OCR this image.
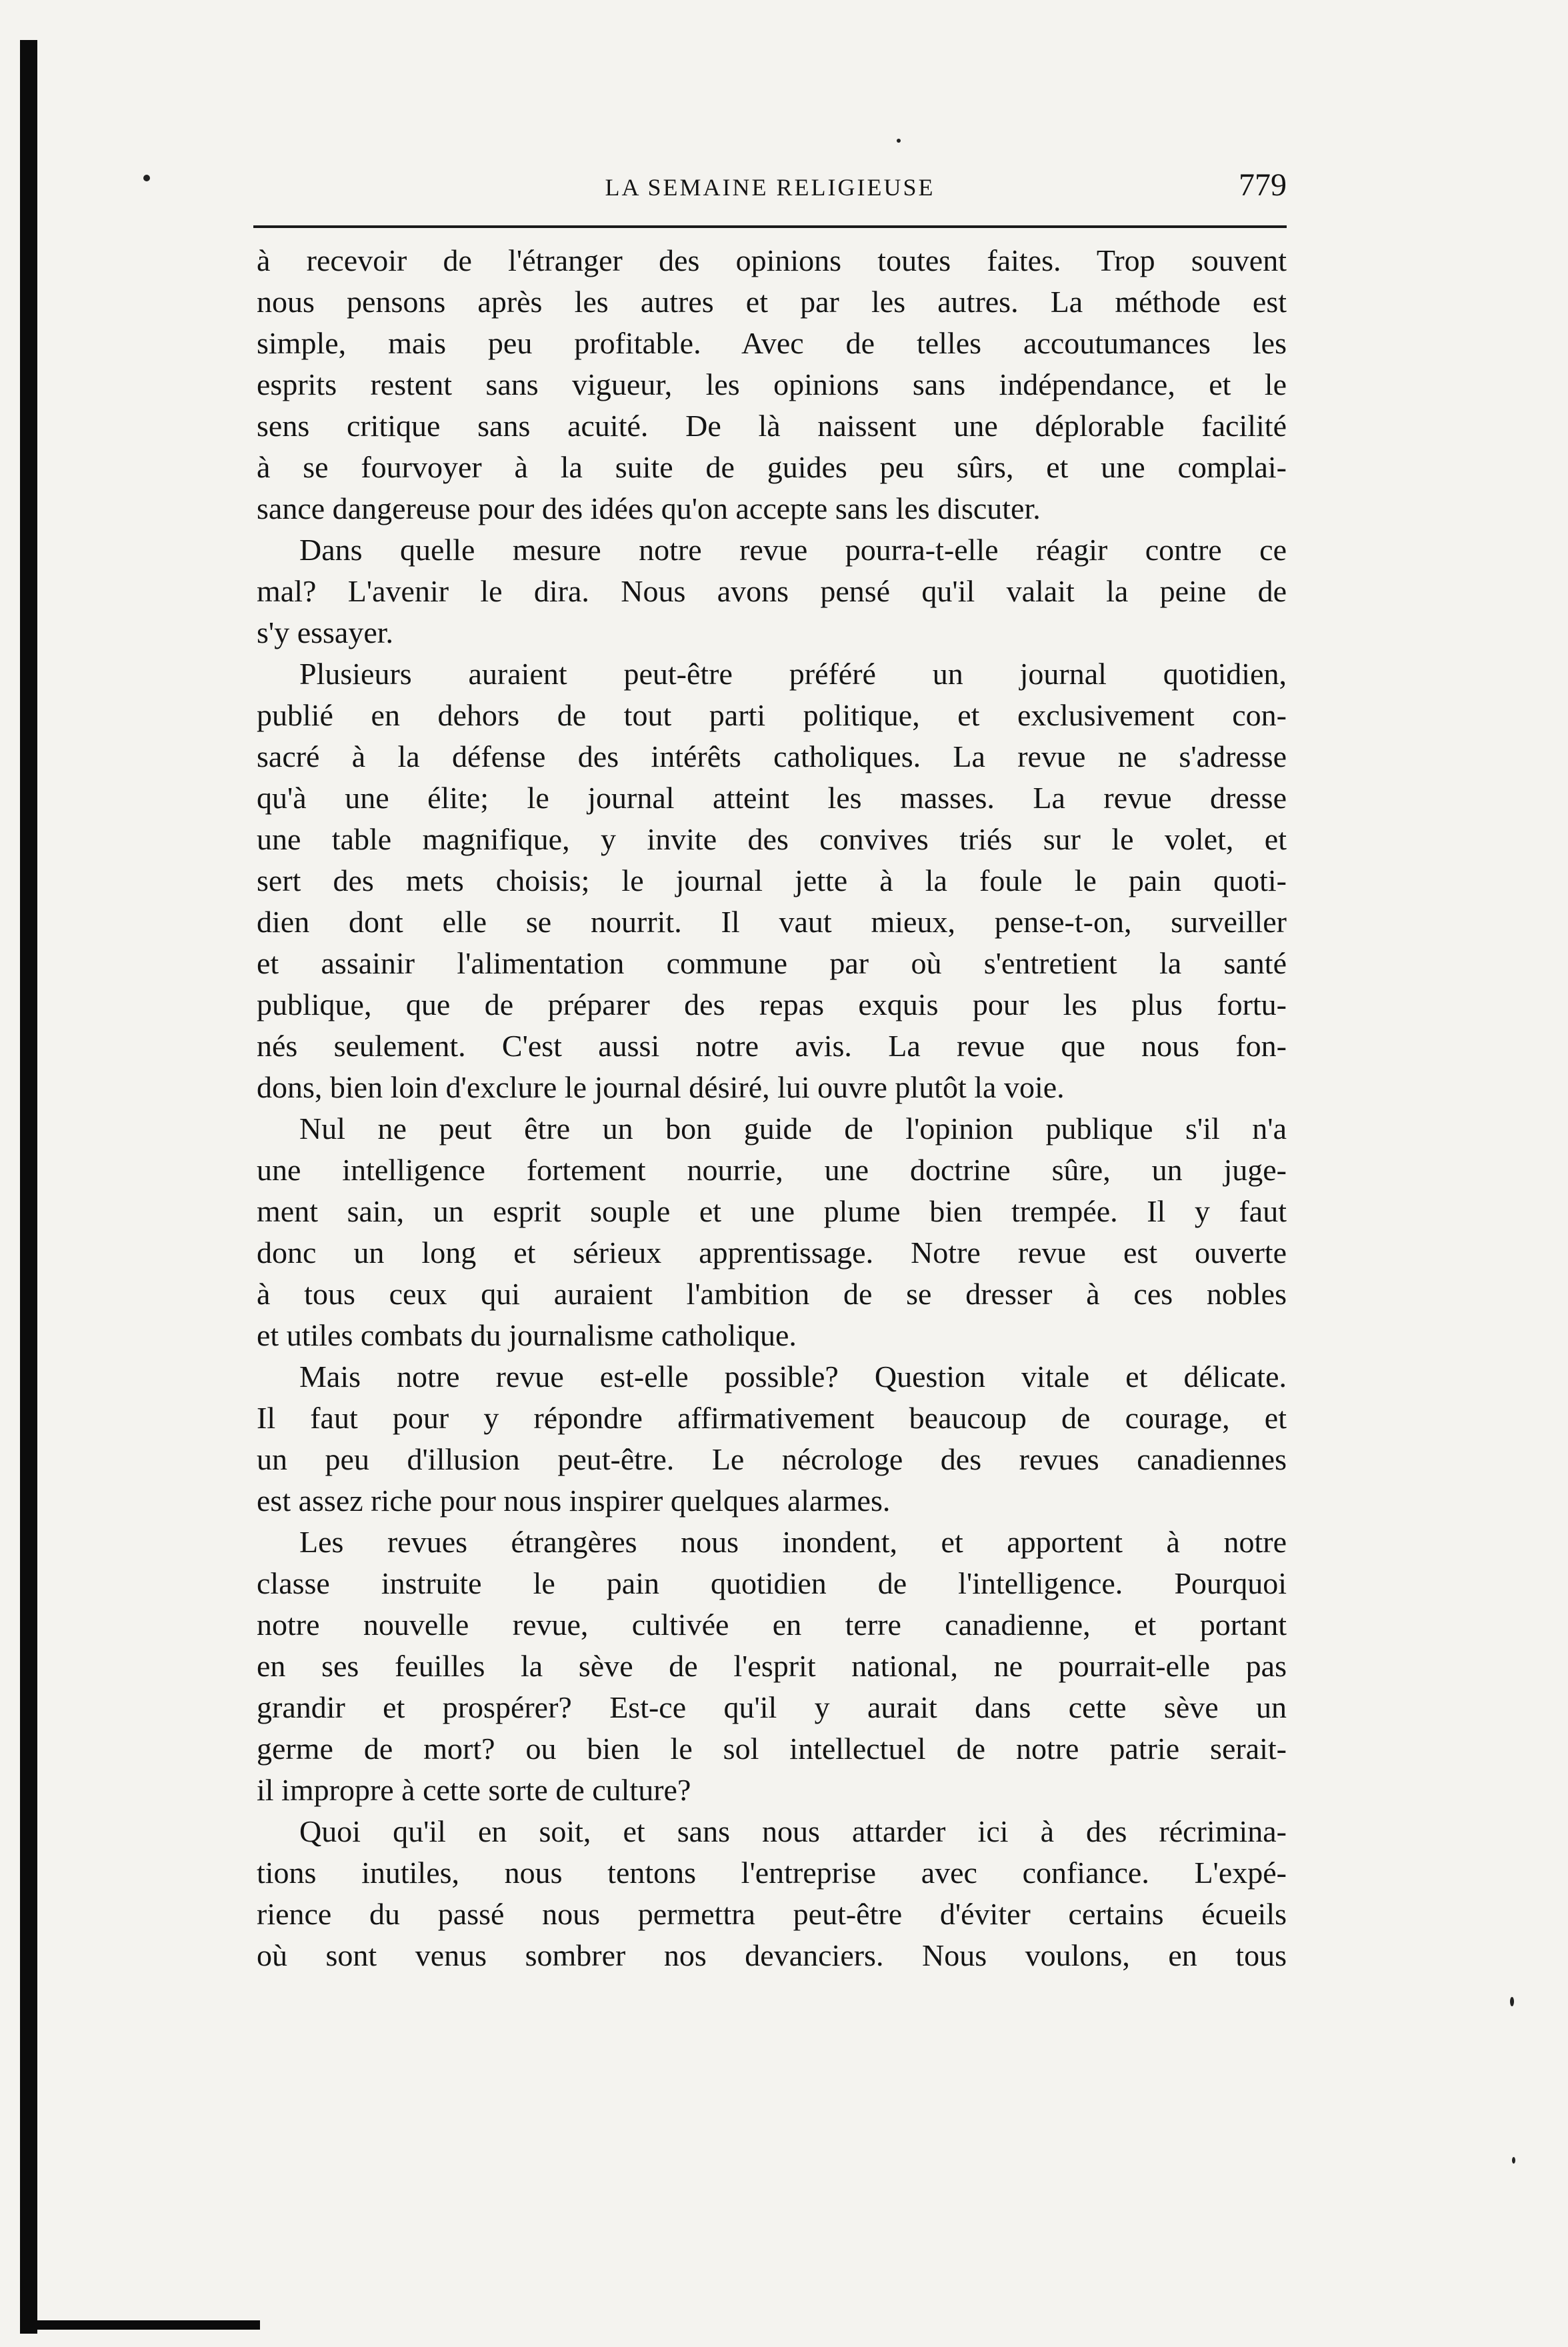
LA SEMAINE RELIGIEUSE	779
à recevoir de l'étranger des opinions toutes faites. Trop souvent
nous pensons après les autres et par les autres. La méthode est
simple, mais peu profitable. Avec de telles accoutumances les
esprits restent sans vigueur, les opinions sans indépendance, et le
sens critique sans acuité. De là naissent une déplorable facilité
à se fourvoyer à la suite de guides peu sûrs, et une complai-
sance dangereuse pour des idées qu'on accepte sans les discuter.
Dans quelle mesure notre revue pourra-t-elle réagir contre ce
mal? L'avenir le dira. Nous avons pensé qu'il valait la peine de
s'y essayer.
Plusieurs auraient peut-être préféré un journal quotidien,
publié en dehors de tout parti politique, et exclusivement con-
sacré à la défense des intérêts catholiques. La revue ne s'adresse
qu'à une élite; le journal atteint les masses. La revue dresse
une table magnifique, y invite des convives triés sur le volet, et
sert des mets choisis; le journal jette à la foule le pain quoti-
dien dont elle se nourrit. Il vaut mieux, pense-t-on, surveiller
et assainir l'alimentation commune par où s'entretient la santé
publique, que de préparer des repas exquis pour les plus fortu-
nés seulement. C'est aussi notre avis. La revue que nous fon-
dons, bien loin d'exclure le journal désiré, lui ouvre plutôt la voie.
Nul ne peut être un bon guide de l'opinion publique s'il n'a
une intelligence fortement nourrie, une doctrine sûre, un juge-
ment sain, un esprit souple et une plume bien trempée. Il y faut
donc un long et sérieux apprentissage. Notre revue est ouverte
à tous ceux qui auraient l'ambition de se dresser à ces nobles
et utiles combats du journalisme catholique.
Mais notre revue est-elle possible? Question vitale et délicate.
Il faut pour y répondre affirmativement beaucoup de courage, et
un peu d'illusion peut-être. Le nécrologe des revues canadiennes
est assez riche pour nous inspirer quelques alarmes.
Les revues étrangères nous inondent, et apportent à notre
classe instruite le pain quotidien de l'intelligence. Pourquoi
notre nouvelle revue, cultivée en terre canadienne, et portant
en ses feuilles la sève de l'esprit national, ne pourrait-elle pas
grandir et prospérer? Est-ce qu'il y aurait dans cette sève un
germe de mort? ou bien le sol intellectuel de notre patrie serait-
il impropre à cette sorte de culture?
Quoi qu'il en soit, et sans nous attarder ici à des récrimina-
tions inutiles, nous tentons l'entreprise avec confiance. L'expé-
rience du passé nous permettra peut-être d'éviter certains écueils
où sont venus sombrer nos devanciers. Nous voulons, en tous
